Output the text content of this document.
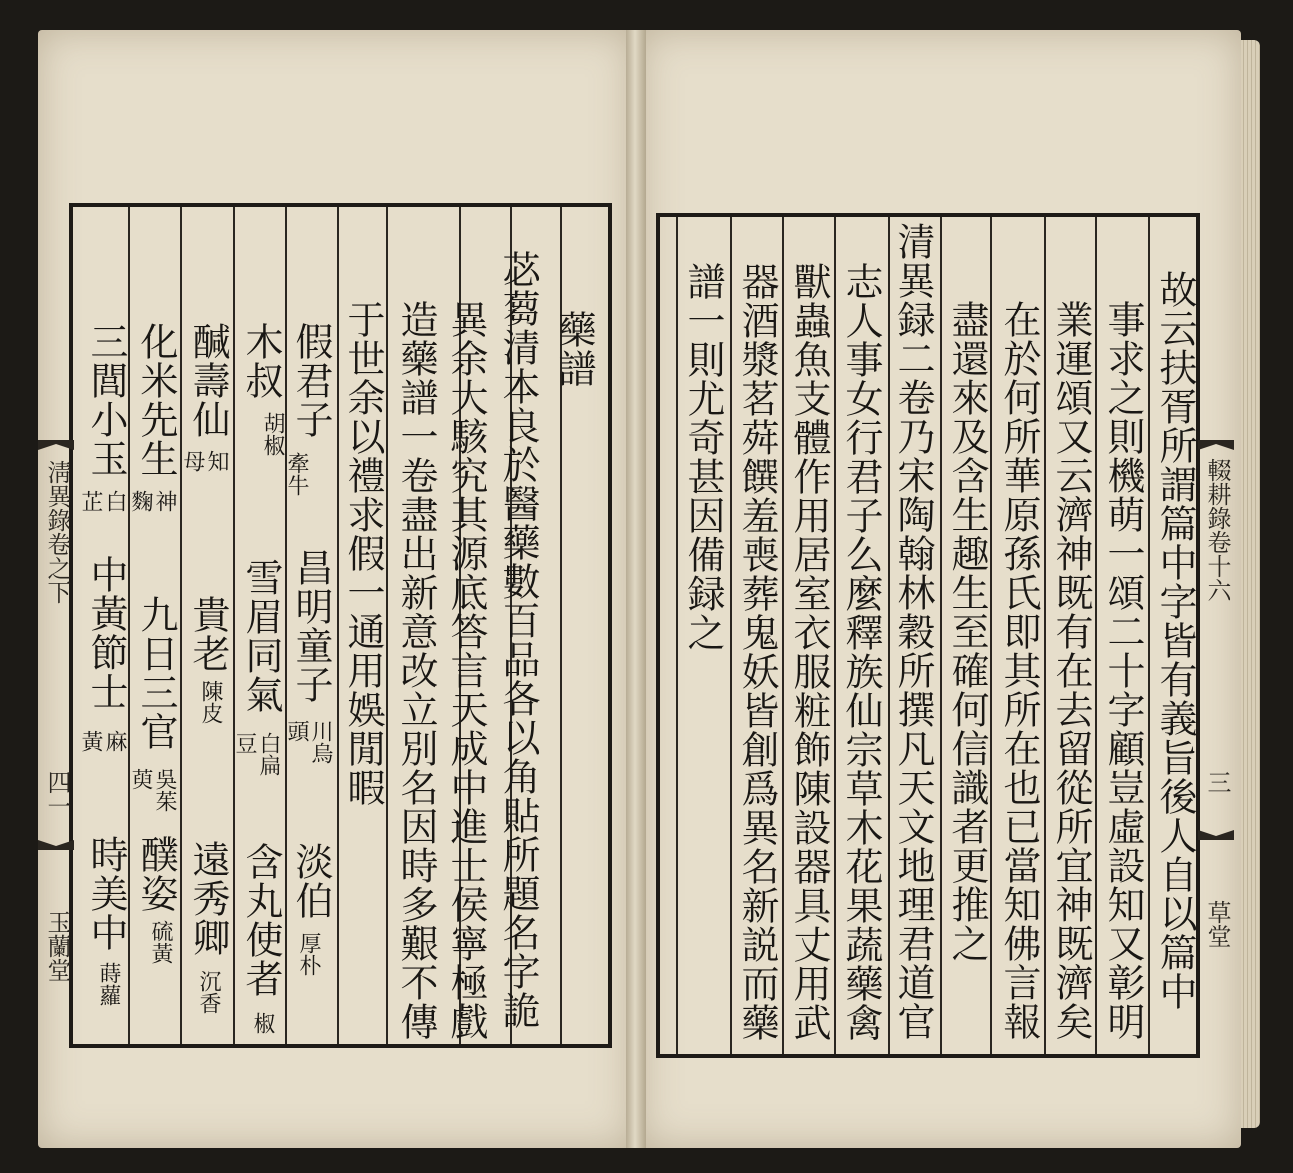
藥譜
苾蒭清本良於醫藥數百品各以角貼所題名字詭
異余大駭究其源底答言天成中進士侯寧極戲
造藥譜一卷盡出新意改立別名因時多艱不傳
于世余以禮求假一通用娛閒暇
假君子
牽牛
昌明童子
川烏
頭
淡伯
厚朴
木叔
胡椒
雪眉同氣
白扁
豆
含丸使者
椒
醎壽仙
知
母
貴老
陳皮
遠秀卿
沉香
化米先生
神
麴
九日三官
吳茱
萸
醭姿
硫黃
三閭小玉
白
芷
中黃節士
麻
黃
時美中
蒔蘿
淸異錄卷之下
四一
玉蘭堂	故云扶胥所謂篇中字皆有義旨後人自以篇中
事求之則機萌一頌二十字顧豈虛設知又彰明
業運頌又云濟神既有在去留從所宜神既濟矣
在於何所華原孫氏即其所在也已當知佛言報
盡還來及含生趣生至確何信識者更推之
清異録二卷乃宋陶翰林穀所撰凡天文地理君道官
志人事女行君子么麼釋族仙宗草木花果蔬藥禽
獸蟲魚支體作用居室衣服粧飾陳設器具丈用武
器酒漿茗荈饌羞喪葬鬼妖皆創爲異名新説而藥
譜一則尤奇甚因備録之	輟耕錄卷十六
三
草堂
